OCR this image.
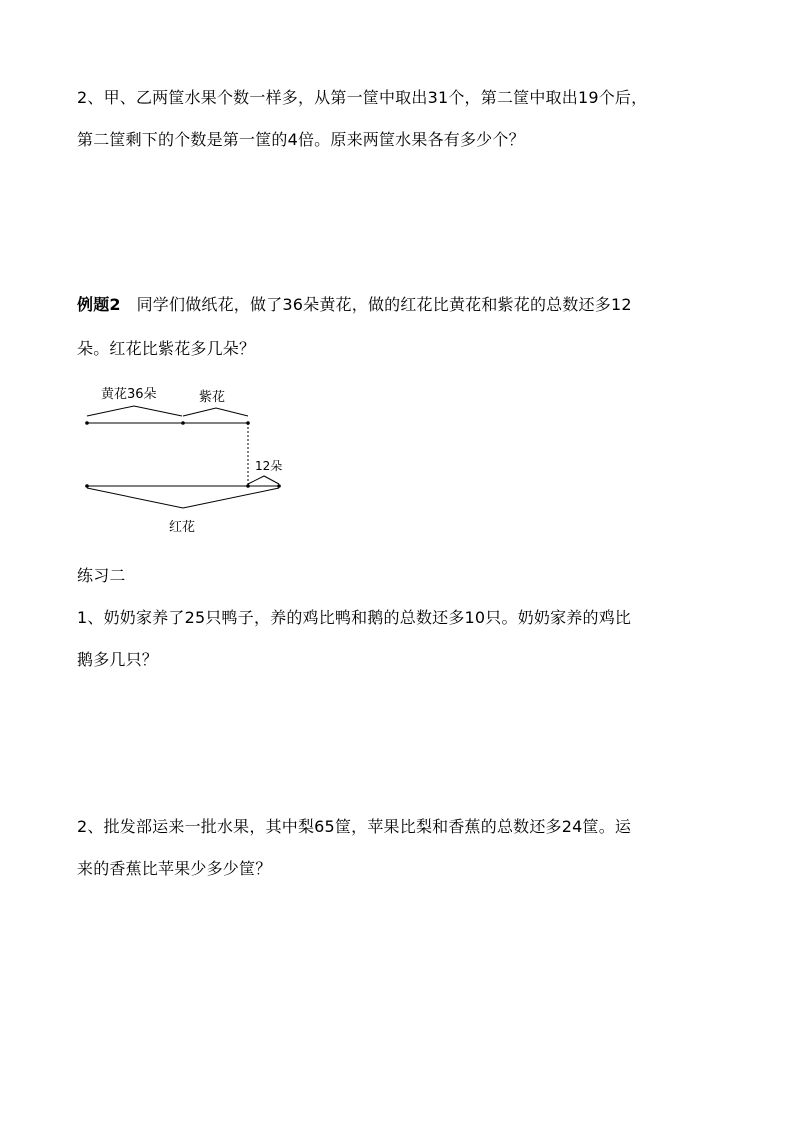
2、甲、乙两筐水果个数一样多，从第一筐中取出31个，第二筐中取出19个后，
第二筐剩下的个数是第一筐的4倍。原来两筐水果各有多少个？
例题2 同学们做纸花，做了36朵黄花，做的红花比黄花和紫花的总数还多12
朵。红花比紫花多几朵？
黄花36朵	紫花
12朵
红花
练习二
1、奶奶家养了25只鸭子，养的鸡比鸭和鹅的总数还多10只。奶奶家养的鸡比
鹅多几只？
2、批发部运来一批水果，其中梨65筐，苹果比梨和香蕉的总数还多24筐。运
来的香蕉比苹果少多少筐？
